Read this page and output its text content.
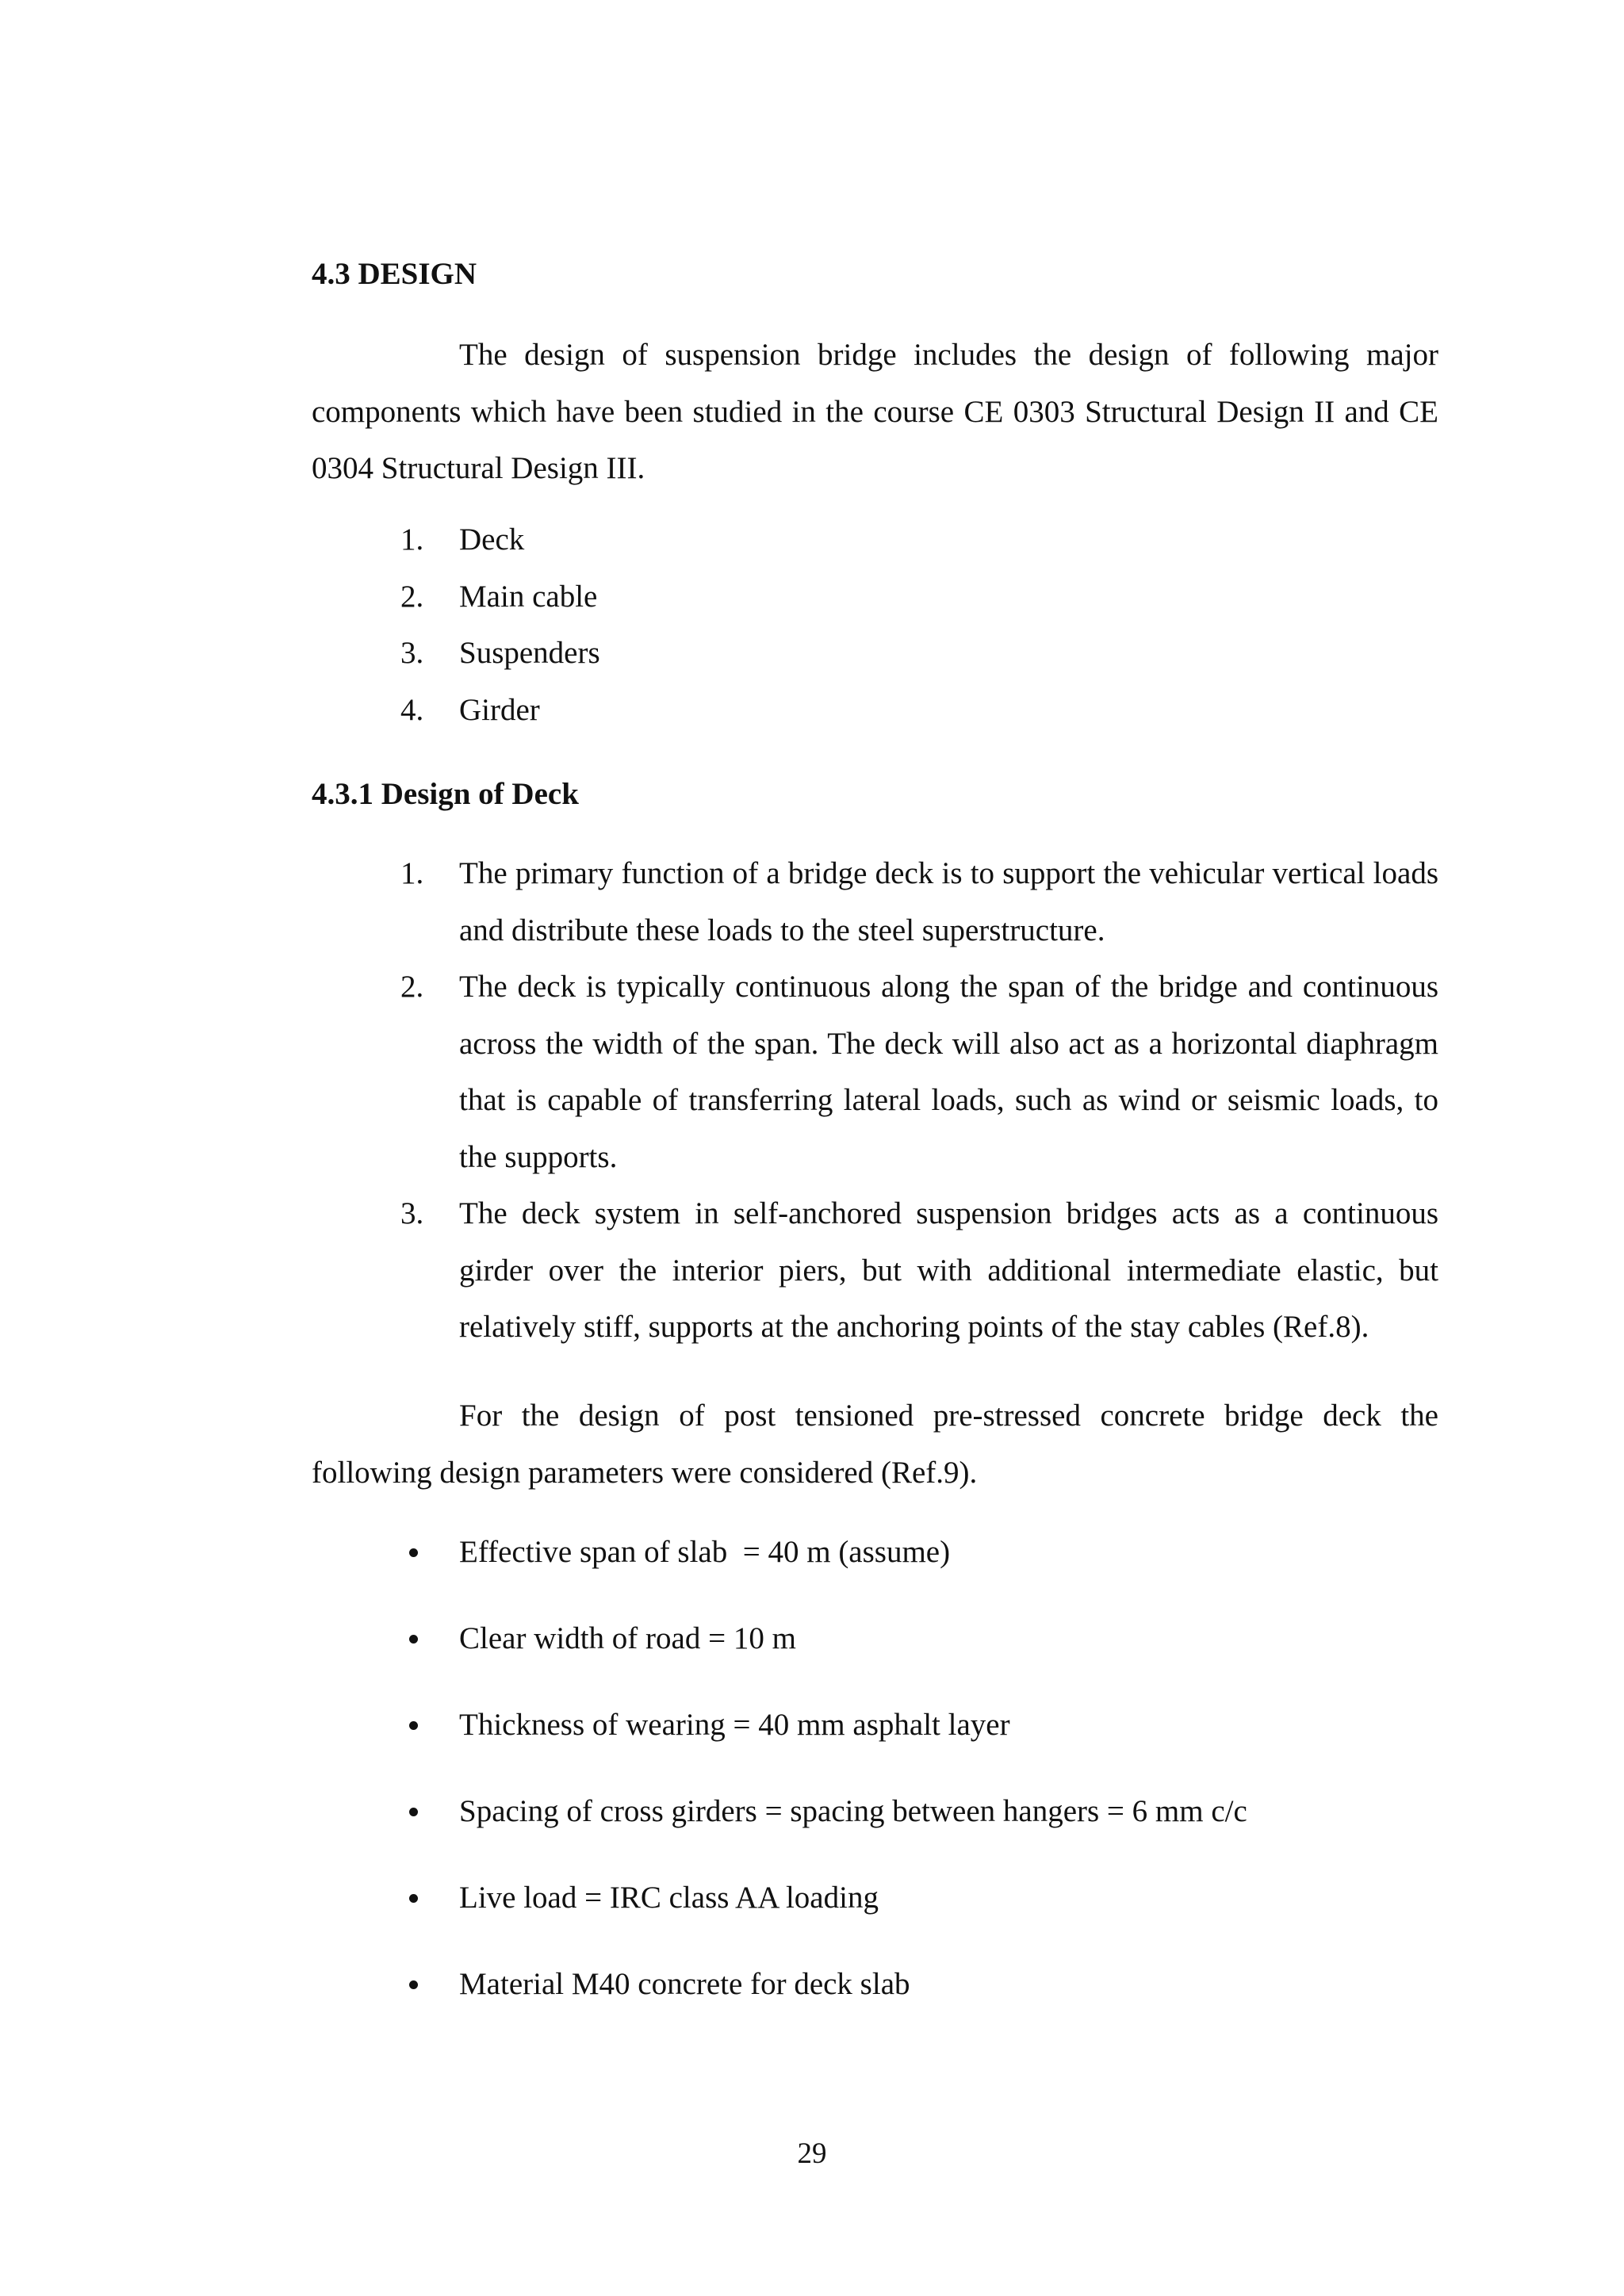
4.3 DESIGN

The design of suspension bridge includes the design of following major components which have been studied in the course CE 0303 Structural Design II and CE 0304 Structural Design III.

1. Deck
2. Main cable
3. Suspenders
4. Girder
4.3.1 Design of Deck
1. The primary function of a bridge deck is to support the vehicular vertical loads and distribute these loads to the steel superstructure.
2. The deck is typically continuous along the span of the bridge and continuous across the width of the span. The deck will also act as a horizontal diaphragm that is capable of transferring lateral loads, such as wind or seismic loads, to the supports.
3. The deck system in self-anchored suspension bridges acts as a continuous girder over the interior piers, but with additional intermediate elastic, but relatively stiff, supports at the anchoring points of the stay cables (Ref.8).

For the design of post tensioned pre-stressed concrete bridge deck the following design parameters were considered (Ref.9).

Effective span of slab  = 40 m (assume)
Clear width of road = 10 m
Thickness of wearing = 40 mm asphalt layer
Spacing of cross girders = spacing between hangers = 6 mm c/c
Live load = IRC class AA loading
Material M40 concrete for deck slab
29
